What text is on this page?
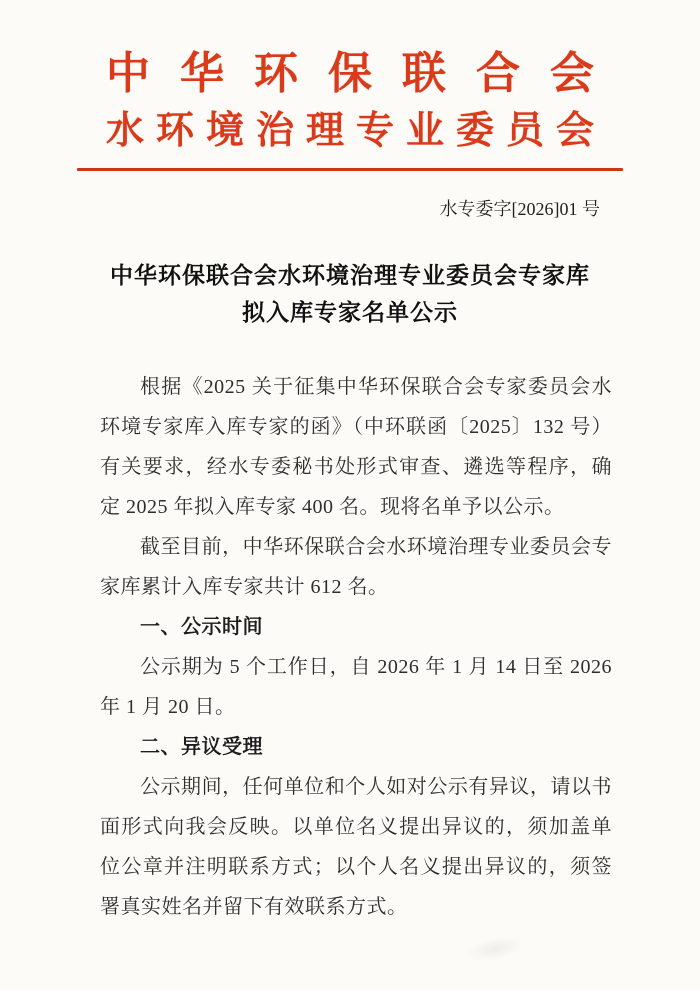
中华环保联合会
水环境治理专业委员会
水专委字[2026]01 号
中华环保联合会水环境治理专业委员会专家库
拟入库专家名单公示

根据《2025 关于征集中华环保联合会专家委员会水环境专家库入库专家的函》（中环联函〔2025〕132 号）有关要求，经水专委秘书处形式审查、遴选等程序，确定 2025 年拟入库专家 400 名。现将名单予以公示。

截至目前，中华环保联合会水环境治理专业委员会专家库累计入库专家共计 612 名。

一、公示时间

公示期为 5 个工作日，自 2026 年 1 月 14 日至 2026 年 1 月 20 日。

二、异议受理

公示期间，任何单位和个人如对公示有异议，请以书面形式向我会反映。以单位名义提出异议的，须加盖单位公章并注明联系方式；以个人名义提出异议的，须签署真实姓名并留下有效联系方式。
